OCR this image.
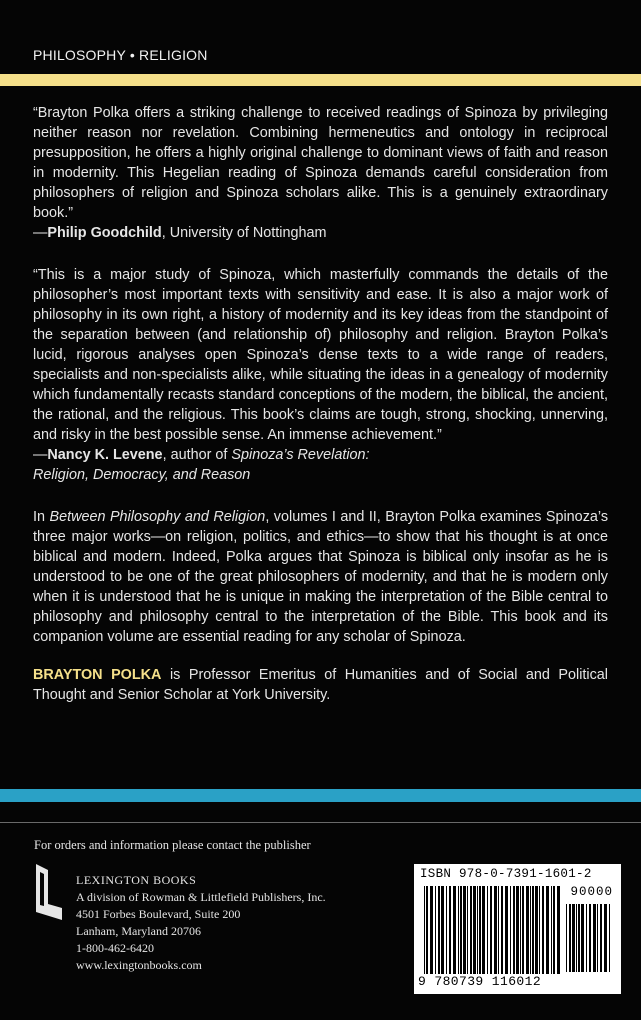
PHILOSOPHY • RELIGION

“Brayton Polka offers a striking challenge to received readings of Spinoza by privileging neither reason nor revelation. Combining hermeneutics and ontology in reciprocal presupposition, he offers a highly original challenge to dominant views of faith and reason in modernity. This Hegelian reading of Spinoza demands careful consideration from philosophers of religion and Spinoza scholars alike. This is a genuinely extraordinary book.”

—Philip Goodchild, University of Nottingham

“This is a major study of Spinoza, which masterfully commands the details of the philosopher’s most important texts with sensitivity and ease. It is also a major work of philosophy in its own right, a history of modernity and its key ideas from the standpoint of the separation between (and relationship of) philosophy and religion. Brayton Polka’s lucid, rigorous analyses open Spinoza’s dense texts to a wide range of readers, specialists and non-specialists alike, while situating the ideas in a genealogy of modernity which fundamentally recasts standard conceptions of the modern, the biblical, the ancient, the rational, and the religious. This book’s claims are tough, strong, shocking, unnerving, and risky in the best possible sense. An immense achievement.”

—Nancy K. Levene, author of Spinoza’s Revelation:

Religion, Democracy, and Reason

In Between Philosophy and Religion, volumes I and II, Brayton Polka examines Spinoza’s three major works—on religion, politics, and ethics—to show that his thought is at once biblical and modern. Indeed, Polka argues that Spinoza is biblical only insofar as he is understood to be one of the great philosophers of modernity, and that he is modern only when it is understood that he is unique in making the interpretation of the Bible central to philosophy and philosophy central to the interpretation of the Bible. This book and its companion volume are essential reading for any scholar of Spinoza.

BRAYTON POLKA is Professor Emeritus of Humanities and of Social and Political Thought and Senior Scholar at York University.

For orders and information please contact the publisher
LEXINGTON BOOKS
A division of Rowman & Littlefield Publishers, Inc.
4501 Forbes Boulevard, Suite 200
Lanham, Maryland 20706
1-800-462-6420
www.lexingtonbooks.com
ISBN 978-0-7391-1601-2
90000
9 780739 116012
